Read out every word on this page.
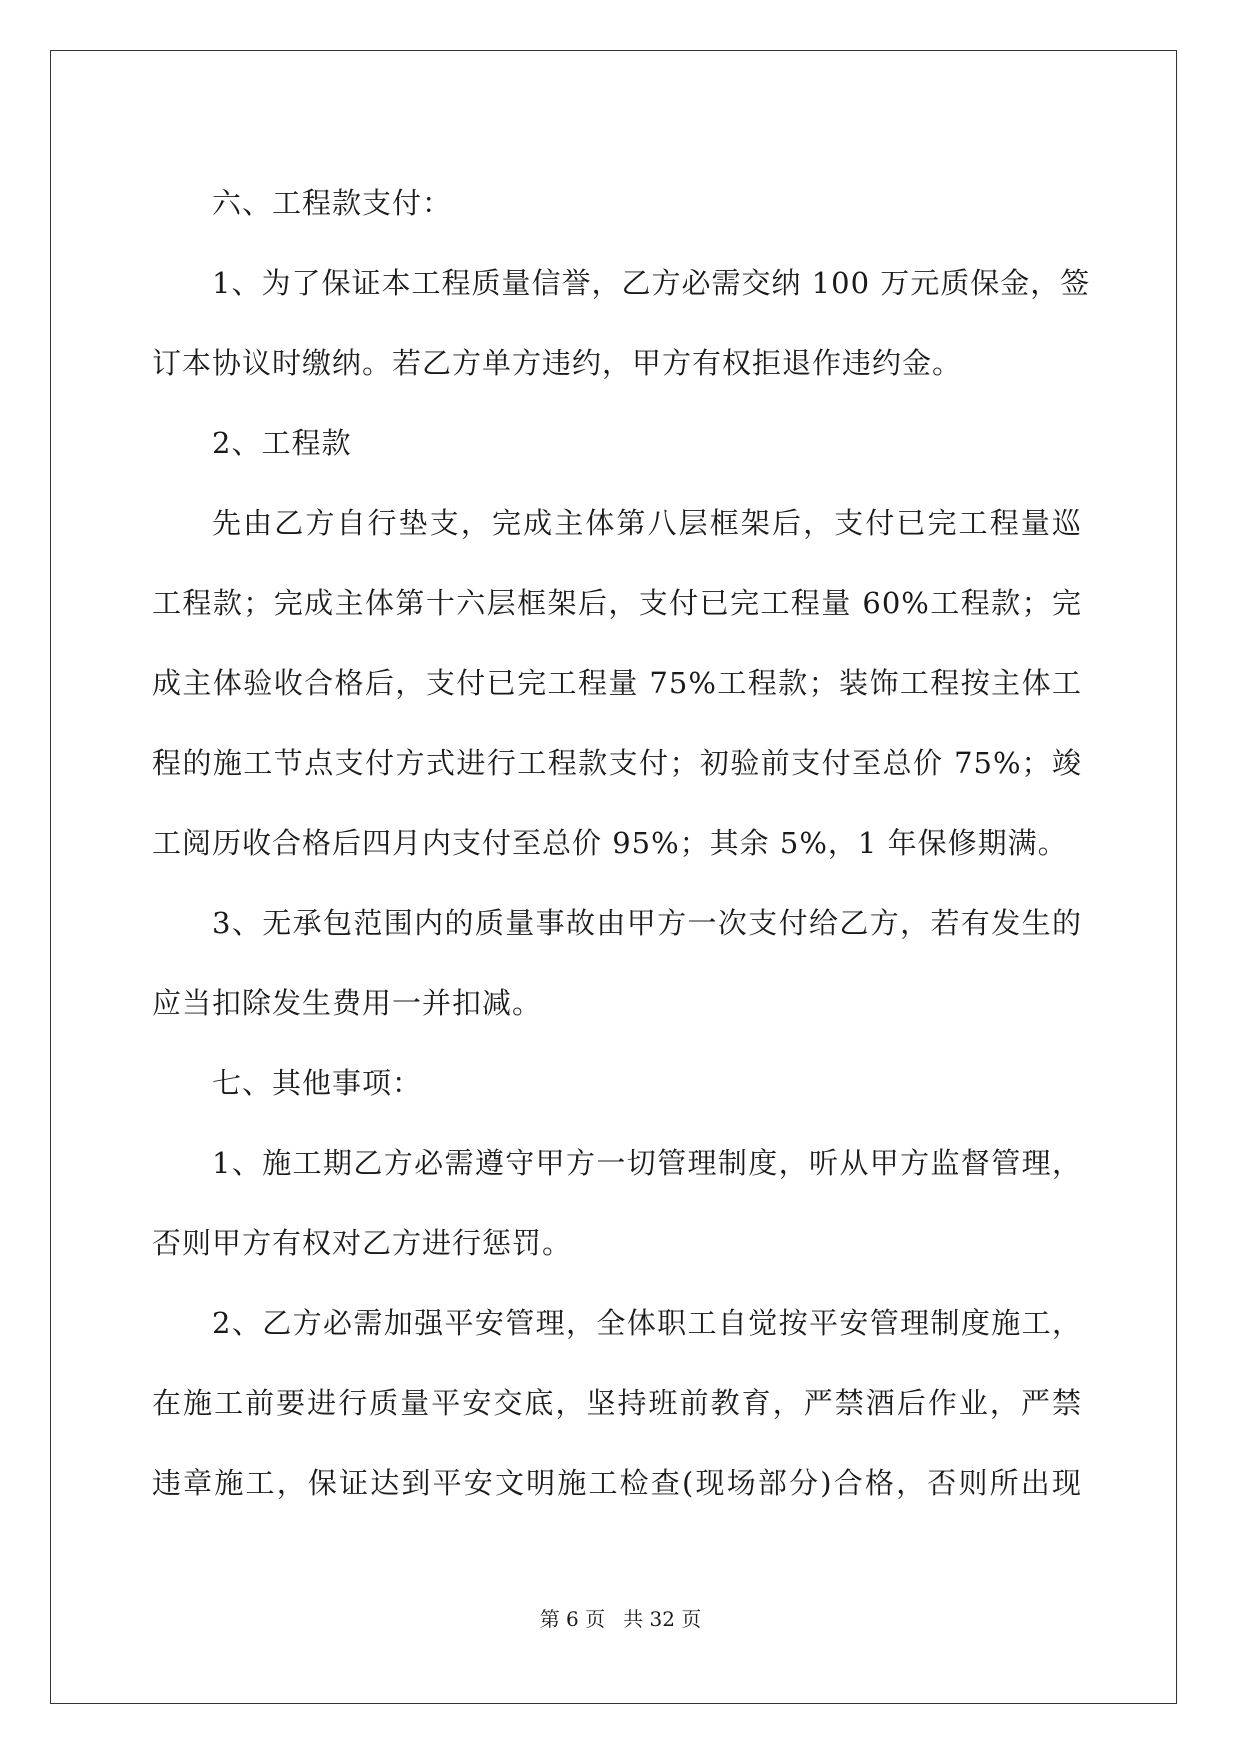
六、工程款支付：
1、为了保证本工程质量信誉，乙方必需交纳 100 万元质保金，签
订本协议时缴纳。若乙方单方违约，甲方有权拒退作违约金。
2、工程款
先由乙方自行垫支，完成主体第八层框架后，支付已完工程量巡
工程款；完成主体第十六层框架后，支付已完工程量 60%工程款；完
成主体验收合格后，支付已完工程量 75%工程款；装饰工程按主体工
程的施工节点支付方式进行工程款支付；初验前支付至总价 75%；竣
工阅历收合格后四月内支付至总价 95%；其余 5%，1 年保修期满。
3、无承包范围内的质量事故由甲方一次支付给乙方，若有发生的
应当扣除发生费用一并扣减。
七、其他事项：
1、施工期乙方必需遵守甲方一切管理制度，听从甲方监督管理，
否则甲方有权对乙方进行惩罚。
2、乙方必需加强平安管理，全体职工自觉按平安管理制度施工，
在施工前要进行质量平安交底，坚持班前教育，严禁酒后作业，严禁
违章施工，保证达到平安文明施工检查(现场部分)合格，否则所出现
第 6 页 共 32 页
